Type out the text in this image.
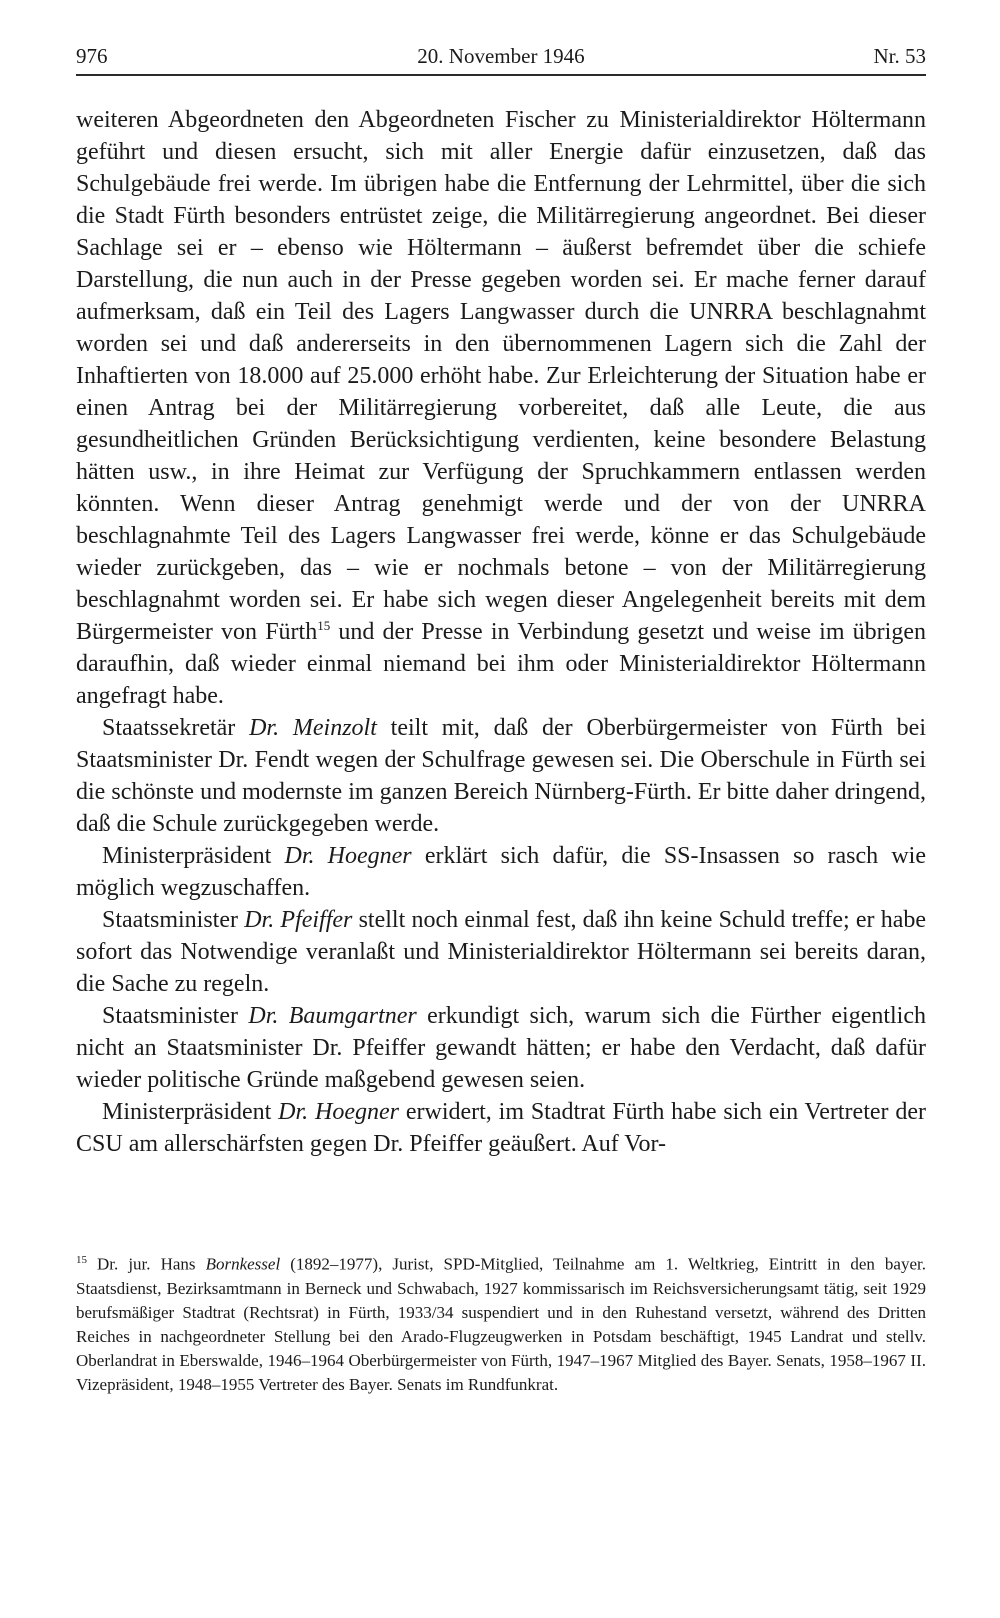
976	20. November 1946	Nr. 53

weiteren Abgeordneten den Abgeordneten Fischer zu Ministerialdirektor Höltermann geführt und diesen ersucht, sich mit aller Energie dafür einzusetzen, daß das Schulgebäude frei werde. Im übrigen habe die Entfernung der Lehrmittel, über die sich die Stadt Fürth besonders entrüstet zeige, die Militärregierung angeordnet. Bei dieser Sachlage sei er – ebenso wie Höltermann – äußerst befremdet über die schiefe Darstellung, die nun auch in der Presse gegeben worden sei. Er mache ferner darauf aufmerksam, daß ein Teil des Lagers Langwasser durch die UNRRA beschlagnahmt worden sei und daß andererseits in den übernommenen Lagern sich die Zahl der Inhaftierten von 18.000 auf 25.000 erhöht habe. Zur Erleichterung der Situation habe er einen Antrag bei der Militärregierung vorbereitet, daß alle Leute, die aus gesundheitlichen Gründen Berücksichtigung verdienten, keine besondere Belastung hätten usw., in ihre Heimat zur Verfügung der Spruchkammern entlassen werden könnten. Wenn dieser Antrag genehmigt werde und der von der UNRRA beschlagnahmte Teil des Lagers Langwasser frei werde, könne er das Schulgebäude wieder zurückgeben, das – wie er nochmals betone – von der Militärregierung beschlagnahmt worden sei. Er habe sich wegen dieser Angelegenheit bereits mit dem Bürgermeister von Fürth$^{15}$ und der Presse in Verbindung gesetzt und weise im übrigen daraufhin, daß wieder einmal niemand bei ihm oder Ministerialdirektor Höltermann angefragt habe.

Staatssekretär Dr. Meinzolt teilt mit, daß der Oberbürgermeister von Fürth bei Staatsminister Dr. Fendt wegen der Schulfrage gewesen sei. Die Oberschule in Fürth sei die schönste und modernste im ganzen Bereich Nürnberg-Fürth. Er bitte daher dringend, daß die Schule zurückgegeben werde.

Ministerpräsident Dr. Hoegner erklärt sich dafür, die SS-Insassen so rasch wie möglich wegzuschaffen.

Staatsminister Dr. Pfeiffer stellt noch einmal fest, daß ihn keine Schuld treffe; er habe sofort das Notwendige veranlaßt und Ministerialdirektor Höltermann sei bereits daran, die Sache zu regeln.

Staatsminister Dr. Baumgartner erkundigt sich, warum sich die Fürther eigentlich nicht an Staatsminister Dr. Pfeiffer gewandt hätten; er habe den Verdacht, daß dafür wieder politische Gründe maßgebend gewesen seien.

Ministerpräsident Dr. Hoegner erwidert, im Stadtrat Fürth habe sich ein Vertreter der CSU am allerschärfsten gegen Dr. Pfeiffer geäußert. Auf Vor-

$^{15}$ Dr. jur. Hans Bornkessel (1892–1977), Jurist, SPD-Mitglied, Teilnahme am 1. Weltkrieg, Eintritt in den bayer. Staatsdienst, Bezirksamtmann in Berneck und Schwabach, 1927 kommissarisch im Reichsversicherungsamt tätig, seit 1929 berufsmäßiger Stadtrat (Rechtsrat) in Fürth, 1933/34 suspendiert und in den Ruhestand versetzt, während des Dritten Reiches in nachgeordneter Stellung bei den Arado-Flugzeugwerken in Potsdam beschäftigt, 1945 Landrat und stellv. Oberlandrat in Eberswalde, 1946–1964 Oberbürgermeister von Fürth, 1947–1967 Mitglied des Bayer. Senats, 1958–1967 II. Vizepräsident, 1948–1955 Vertreter des Bayer. Senats im Rundfunkrat.
